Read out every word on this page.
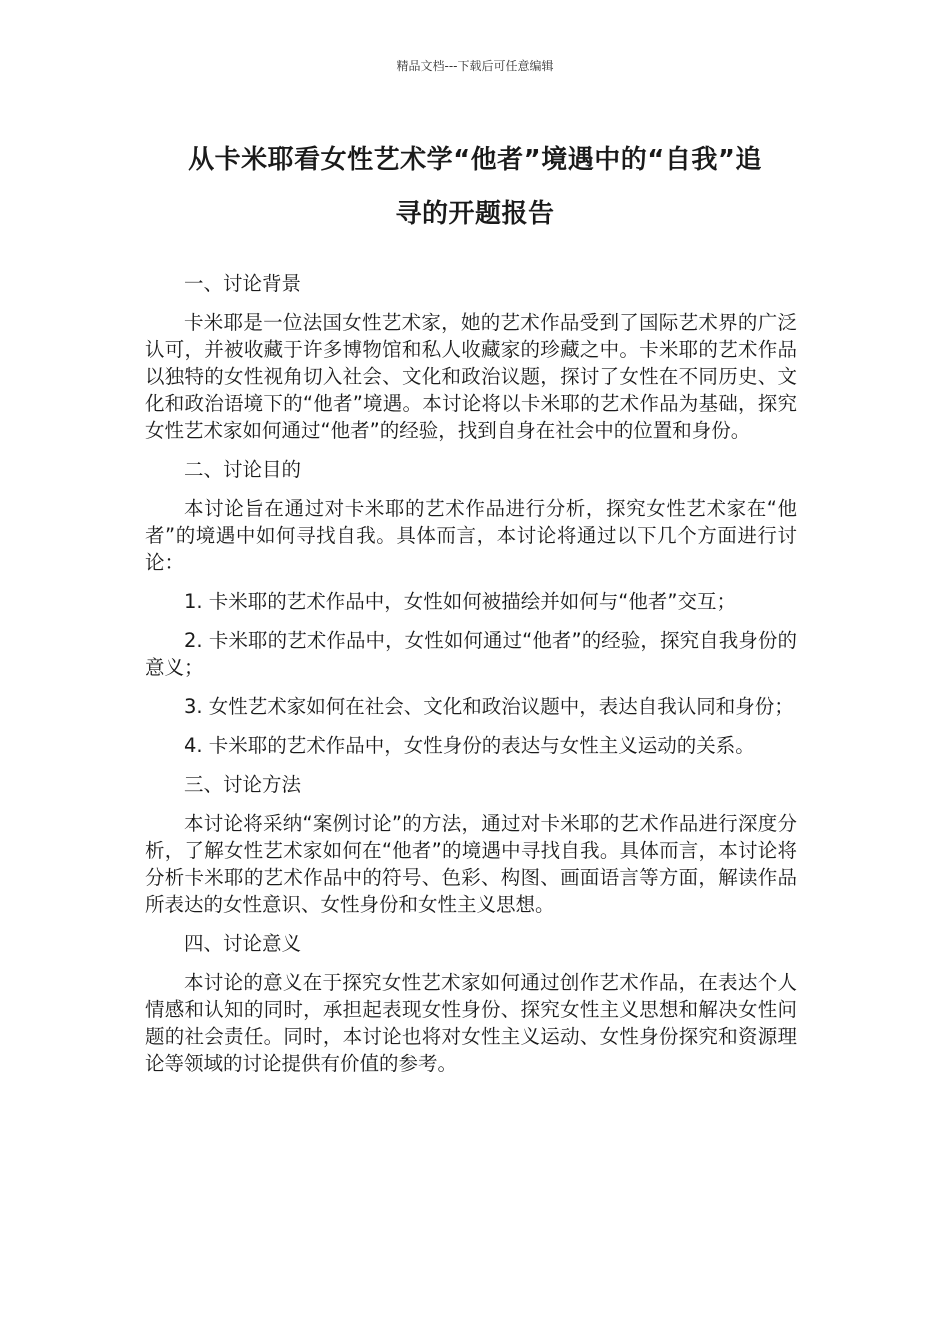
精品文档---下载后可任意编辑
从卡米耶看女性艺术学“他者”境遇中的“自我”追
寻的开题报告

一、讨论背景

卡米耶是一位法国女性艺术家，她的艺术作品受到了国际艺术界的广泛认可，并被收藏于许多博物馆和私人收藏家的珍藏之中。卡米耶的艺术作品以独特的女性视角切入社会、文化和政治议题，探讨了女性在不同历史、文化和政治语境下的“他者”境遇。本讨论将以卡米耶的艺术作品为基础，探究女性艺术家如何通过“他者”的经验，找到自身在社会中的位置和身份。

二、讨论目的

本讨论旨在通过对卡米耶的艺术作品进行分析，探究女性艺术家在“他者”的境遇中如何寻找自我。具体而言，本讨论将通过以下几个方面进行讨论：

1. 卡米耶的艺术作品中，女性如何被描绘并如何与“他者”交互；

2. 卡米耶的艺术作品中，女性如何通过“他者”的经验，探究自我身份的意义；

3. 女性艺术家如何在社会、文化和政治议题中，表达自我认同和身份；

4. 卡米耶的艺术作品中，女性身份的表达与女性主义运动的关系。

三、讨论方法

本讨论将采纳“案例讨论”的方法，通过对卡米耶的艺术作品进行深度分析，了解女性艺术家如何在“他者”的境遇中寻找自我。具体而言，本讨论将分析卡米耶的艺术作品中的符号、色彩、构图、画面语言等方面，解读作品所表达的女性意识、女性身份和女性主义思想。

四、讨论意义

本讨论的意义在于探究女性艺术家如何通过创作艺术作品，在表达个人情感和认知的同时，承担起表现女性身份、探究女性主义思想和解决女性问题的社会责任。同时，本讨论也将对女性主义运动、女性身份探究和资源理论等领域的讨论提供有价值的参考。
